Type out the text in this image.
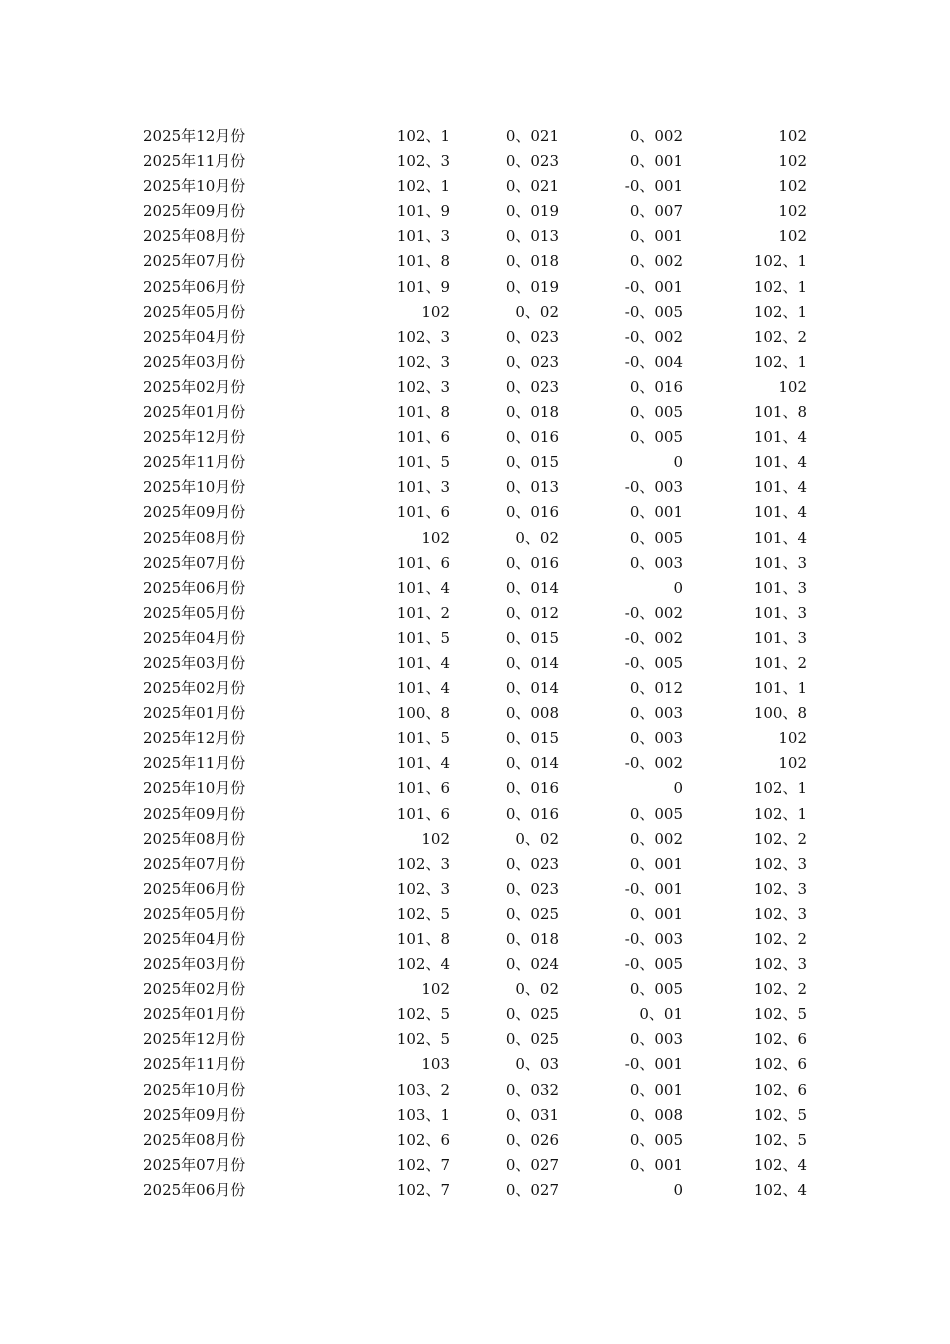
2025年12月份	102、1	0、021	0、002	102
2025年11月份	102、3	0、023	0、001	102
2025年10月份	102、1	0、021	-0、001	102
2025年09月份	101、9	0、019	0、007	102
2025年08月份	101、3	0、013	0、001	102
2025年07月份	101、8	0、018	0、002	102、1
2025年06月份	101、9	0、019	-0、001	102、1
2025年05月份	102	0、02	-0、005	102、1
2025年04月份	102、3	0、023	-0、002	102、2
2025年03月份	102、3	0、023	-0、004	102、1
2025年02月份	102、3	0、023	0、016	102
2025年01月份	101、8	0、018	0、005	101、8
2025年12月份	101、6	0、016	0、005	101、4
2025年11月份	101、5	0、015	0	101、4
2025年10月份	101、3	0、013	-0、003	101、4
2025年09月份	101、6	0、016	0、001	101、4
2025年08月份	102	0、02	0、005	101、4
2025年07月份	101、6	0、016	0、003	101、3
2025年06月份	101、4	0、014	0	101、3
2025年05月份	101、2	0、012	-0、002	101、3
2025年04月份	101、5	0、015	-0、002	101、3
2025年03月份	101、4	0、014	-0、005	101、2
2025年02月份	101、4	0、014	0、012	101、1
2025年01月份	100、8	0、008	0、003	100、8
2025年12月份	101、5	0、015	0、003	102
2025年11月份	101、4	0、014	-0、002	102
2025年10月份	101、6	0、016	0	102、1
2025年09月份	101、6	0、016	0、005	102、1
2025年08月份	102	0、02	0、002	102、2
2025年07月份	102、3	0、023	0、001	102、3
2025年06月份	102、3	0、023	-0、001	102、3
2025年05月份	102、5	0、025	0、001	102、3
2025年04月份	101、8	0、018	-0、003	102、2
2025年03月份	102、4	0、024	-0、005	102、3
2025年02月份	102	0、02	0、005	102、2
2025年01月份	102、5	0、025	0、01	102、5
2025年12月份	102、5	0、025	0、003	102、6
2025年11月份	103	0、03	-0、001	102、6
2025年10月份	103、2	0、032	0、001	102、6
2025年09月份	103、1	0、031	0、008	102、5
2025年08月份	102、6	0、026	0、005	102、5
2025年07月份	102、7	0、027	0、001	102、4
2025年06月份	102、7	0、027	0	102、4
